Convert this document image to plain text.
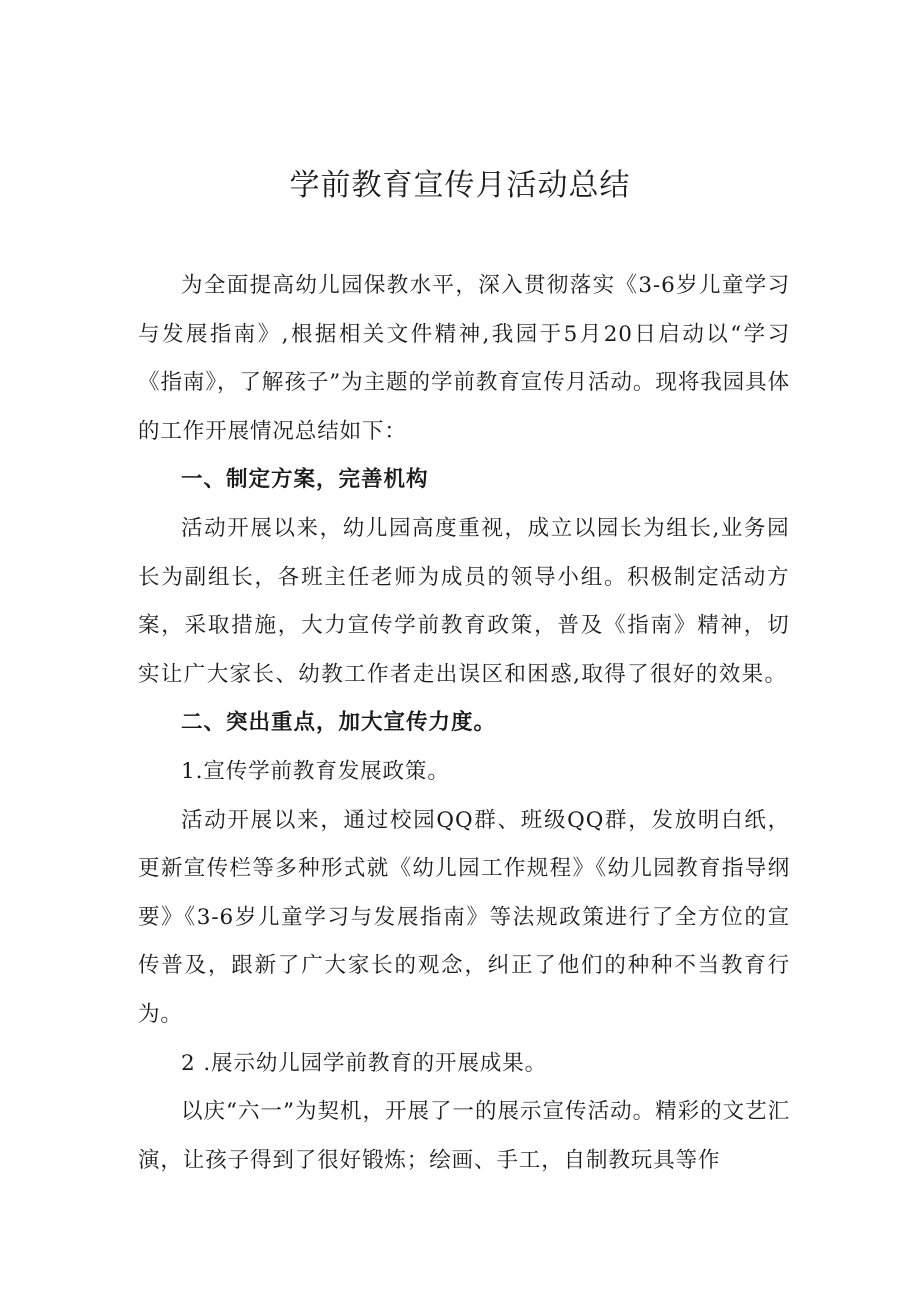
学前教育宣传月活动总结

为全面提高幼儿园保教水平，深入贯彻落实《3-6岁儿童学习与发展指南》,根据相关文件精神,我园于5月20日启动以“学习《指南》，了解孩子”为主题的学前教育宣传月活动。现将我园具体的工作开展情况总结如下：

一、制定方案，完善机构

活动开展以来，幼儿园高度重视，成立以园长为组长,业务园长为副组长，各班主任老师为成员的领导小组。积极制定活动方案，采取措施，大力宣传学前教育政策，普及《指南》精神，切实让广大家长、幼教工作者走出误区和困惑,取得了很好的效果。

二、突出重点，加大宣传力度。

1.宣传学前教育发展政策。

活动开展以来，通过校园QQ群、班级QQ群，发放明白纸，更新宣传栏等多种形式就《幼儿园工作规程》《幼儿园教育指导纲要》《3-6岁儿童学习与发展指南》等法规政策进行了全方位的宣传普及，跟新了广大家长的观念，纠正了他们的种种不当教育行为。

2 .展示幼儿园学前教育的开展成果。

以庆“六一”为契机，开展了一的展示宣传活动。精彩的文艺汇演，让孩子得到了很好锻炼；绘画、手工，自制教玩具等作
